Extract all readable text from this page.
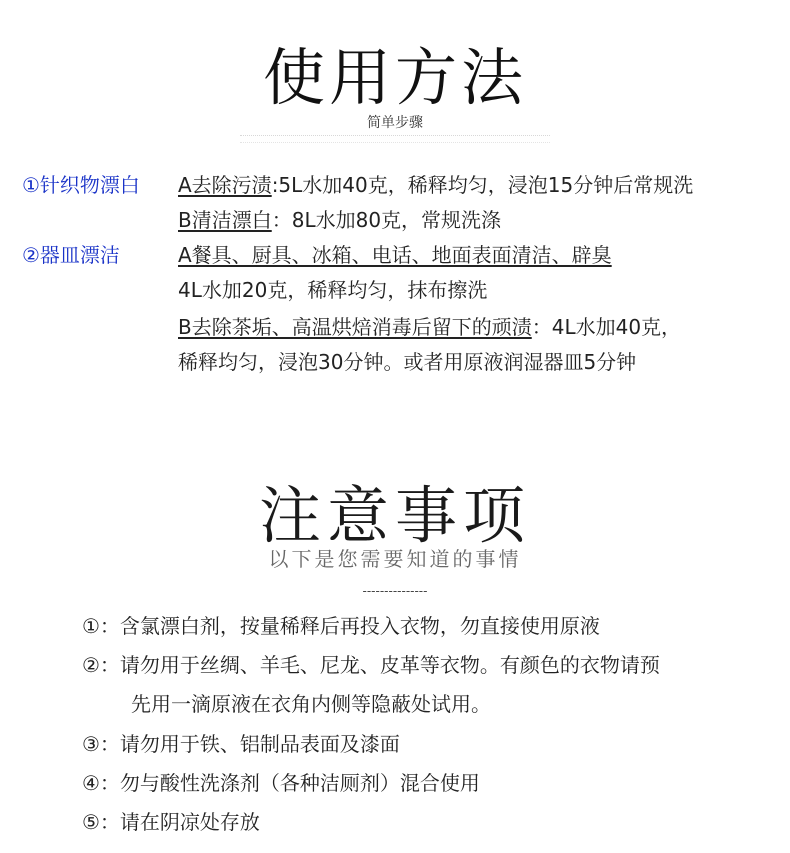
使用方法
简单步骤
①针织物漂白 A去除污渍:5L水加40克，稀释均匀，浸泡15分钟后常规洗
B清洁漂白：8L水加80克，常规洗涤
②器皿漂洁	A餐具、厨具、冰箱、电话、地面表面清洁、辟臭
4L水加20克，稀释均匀，抹布擦洗
B去除茶垢、高温烘焙消毒后留下的顽渍：4L水加40克，
稀释均匀，浸泡30分钟。或者用原液润湿器皿5分钟
注意事项
以下是您需要知道的事情
---------------
①：含氯漂白剂，按量稀释后再投入衣物，勿直接使用原液
②：请勿用于丝绸、羊毛、尼龙、皮革等衣物。有颜色的衣物请预
先用一滴原液在衣角内侧等隐蔽处试用。
③：请勿用于铁、铝制品表面及漆面
④：勿与酸性洗涤剂（各种洁厕剂）混合使用
⑤：请在阴凉处存放
